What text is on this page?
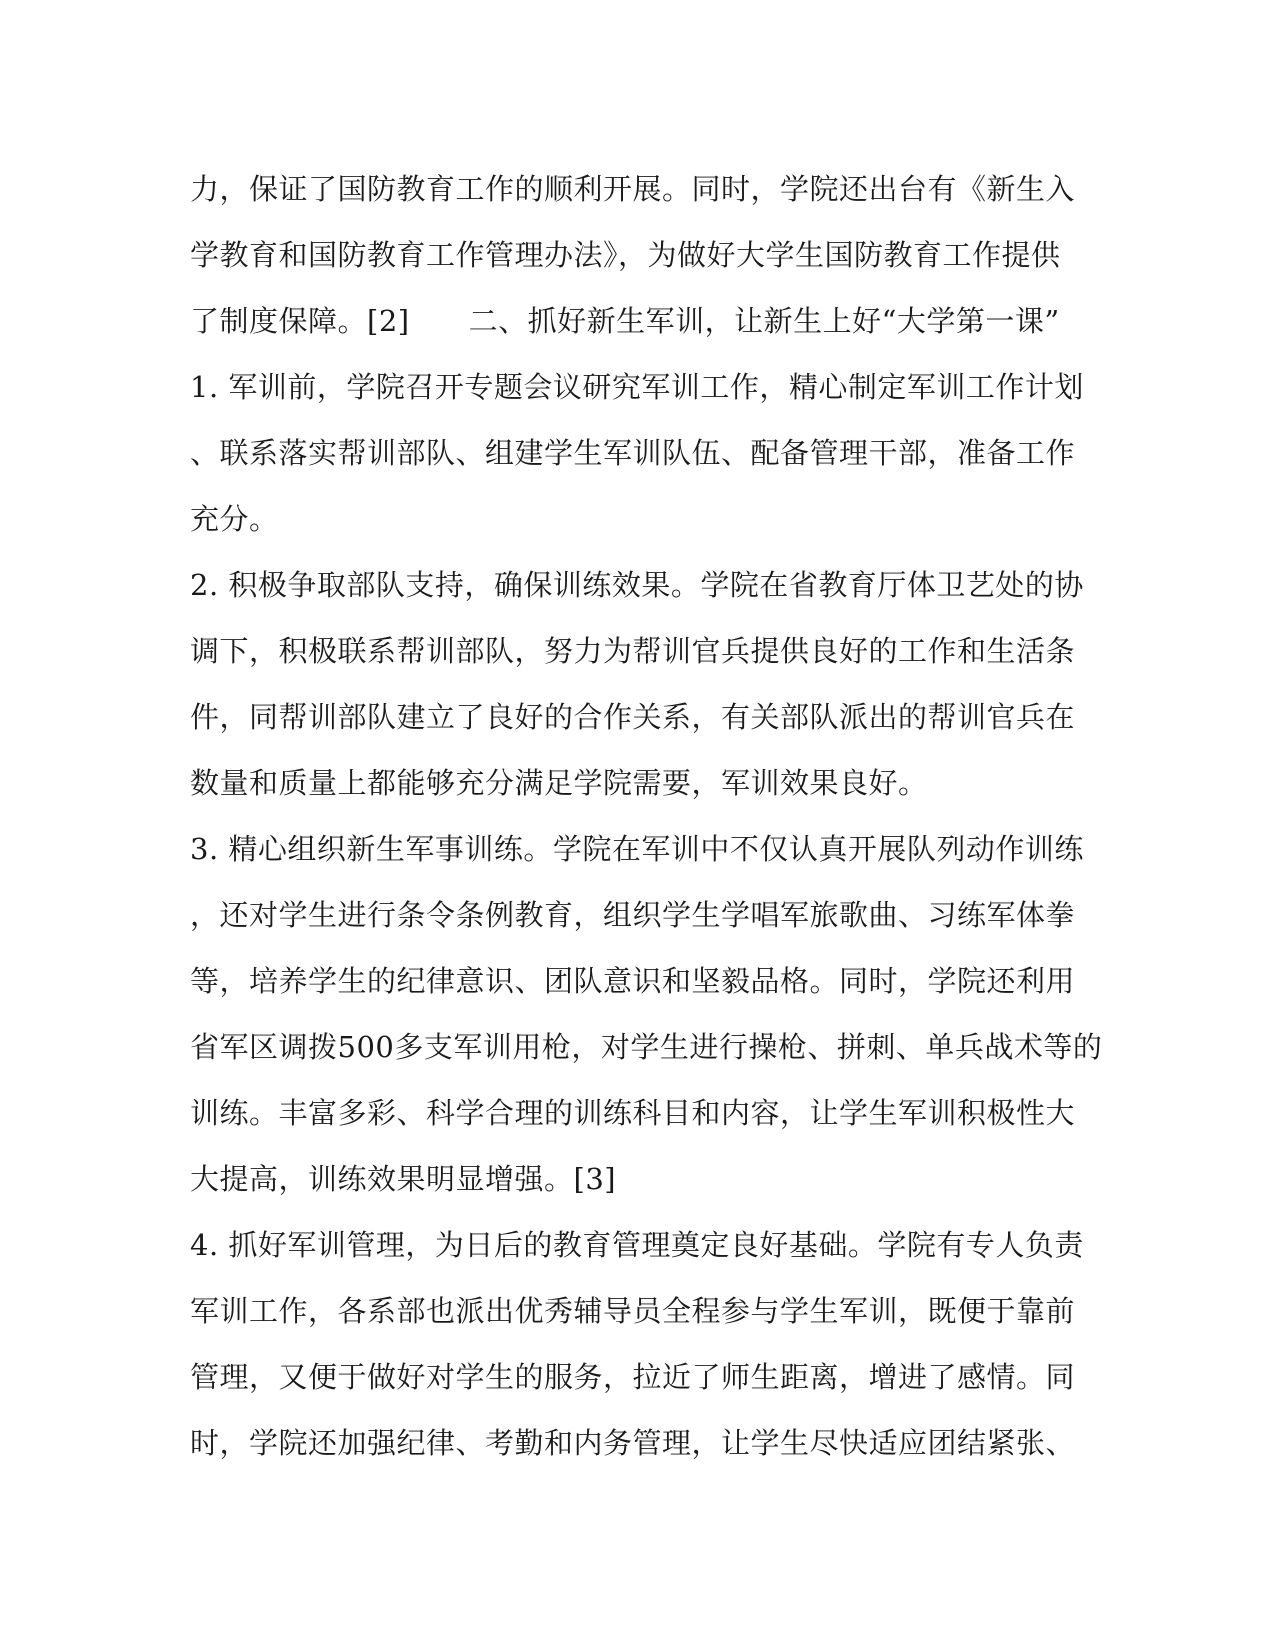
力，保证了国防教育工作的顺利开展。同时，学院还出台有《新生入
学教育和国防教育工作管理办法》，为做好大学生国防教育工作提供
了制度保障。[2]　　二、抓好新生军训，让新生上好“大学第一课”
1. 军训前，学院召开专题会议研究军训工作，精心制定军训工作计划
、联系落实帮训部队、组建学生军训队伍、配备管理干部，准备工作
充分。
2. 积极争取部队支持，确保训练效果。学院在省教育厅体卫艺处的协
调下，积极联系帮训部队，努力为帮训官兵提供良好的工作和生活条
件，同帮训部队建立了良好的合作关系，有关部队派出的帮训官兵在
数量和质量上都能够充分满足学院需要，军训效果良好。
3. 精心组织新生军事训练。学院在军训中不仅认真开展队列动作训练
，还对学生进行条令条例教育，组织学生学唱军旅歌曲、习练军体拳
等，培养学生的纪律意识、团队意识和坚毅品格。同时，学院还利用
省军区调拨500多支军训用枪，对学生进行操枪、拼刺、单兵战术等的
训练。丰富多彩、科学合理的训练科目和内容，让学生军训积极性大
大提高，训练效果明显增强。[3]
4. 抓好军训管理，为日后的教育管理奠定良好基础。学院有专人负责
军训工作，各系部也派出优秀辅导员全程参与学生军训，既便于靠前
管理，又便于做好对学生的服务，拉近了师生距离，增进了感情。同
时，学院还加强纪律、考勤和内务管理，让学生尽快适应团结紧张、
